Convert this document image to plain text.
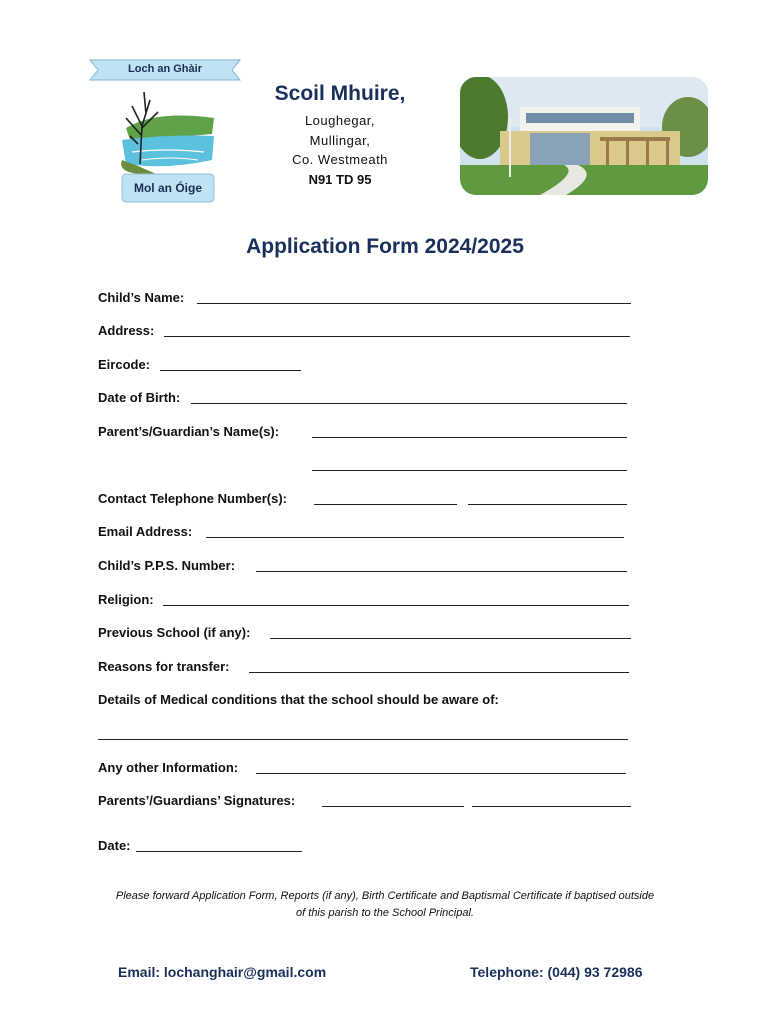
Loch an Ghàir
Mol an Óige
Scoil Mhuire,
Loughegar,
Mullingar,
Co. Westmeath
N91 TD 95
Application Form 2024/2025
Child’s Name:
Address:
Eircode:
Date of Birth:
Parent’s/Guardian’s Name(s):
Contact Telephone Number(s):
Email Address:
Child’s P.P.S. Number:
Religion:
Previous School (if any):
Reasons for transfer:
Details of Medical conditions that the school should be aware of:
Any other Information:
Parents’/Guardians’ Signatures:
Date:
Please forward Application Form, Reports (if any), Birth Certificate and Baptismal Certificate if baptised outside of this parish to the School Principal.
Email: lochanghair@gmail.com	Telephone: (044) 93 72986
